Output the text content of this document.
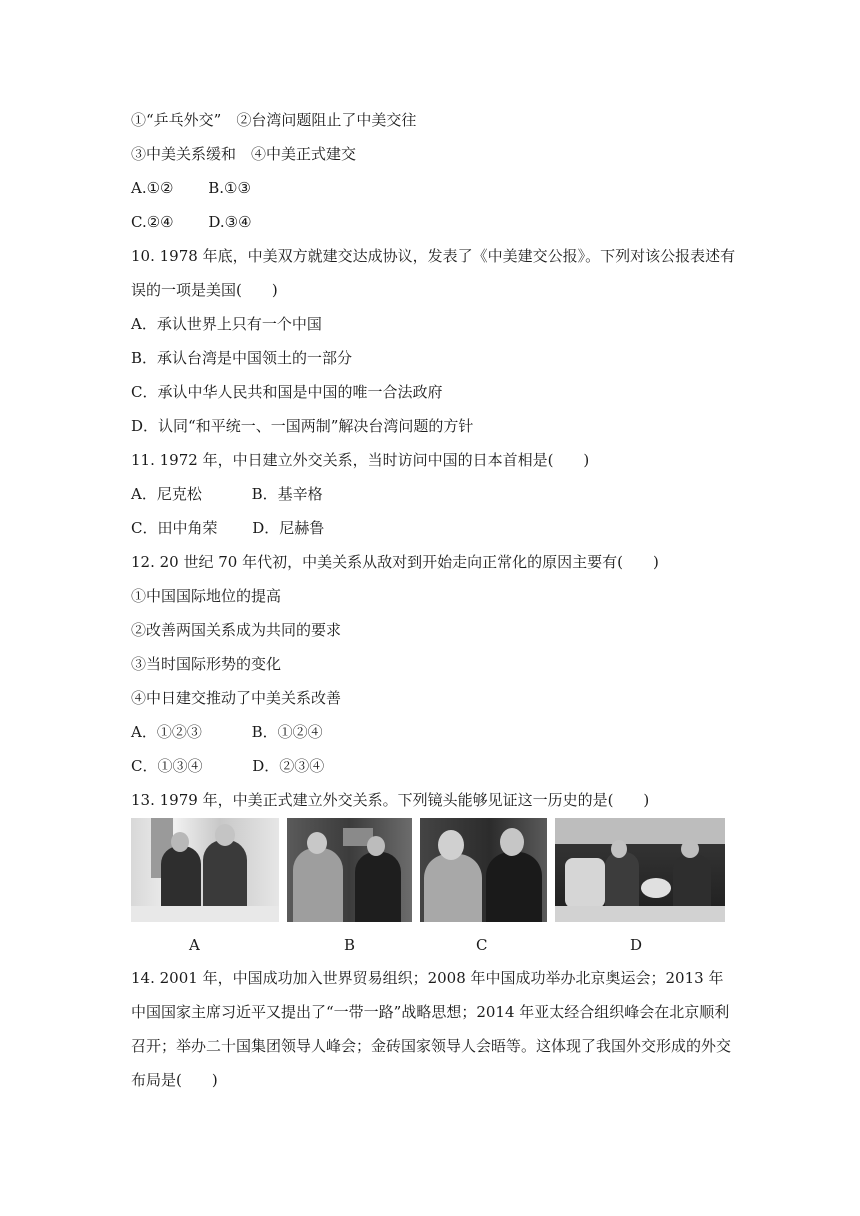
①“乒乓外交”　②台湾问题阻止了中美交往
③中美关系缓和　④中美正式建交
A.①②　　 B.①③
C.②④　　 D.③④
10. 1978 年底，中美双方就建交达成协议，发表了《中美建交公报》。下列对该公报表述有
误的一项是美国(　　)
A．承认世界上只有一个中国
B．承认台湾是中国领土的一部分
C．承认中华人民共和国是中国的唯一合法政府
D．认同“和平统一、一国两制”解决台湾问题的方针
11. 1972 年，中日建立外交关系，当时访问中国的日本首相是(　　)
A．尼克松　　　 B．基辛格
C．田中角荣　　 D．尼赫鲁
12. 20 世纪 70 年代初，中美关系从敌对到开始走向正常化的原因主要有(　　)
①中国国际地位的提高
②改善两国关系成为共同的要求
③当时国际形势的变化
④中日建交推动了中美关系改善
A．①②③　　　 B．①②④
C．①③④　　　 D．②③④
13. 1979 年，中美正式建立外交关系。下列镜头能够见证这一历史的是(　　)
A	B	C	D
14. 2001 年，中国成功加入世界贸易组织；2008 年中国成功举办北京奥运会；2013 年中国国家主席习近平又提出了“一带一路”战略思想；2014 年亚太经合组织峰会在北京顺利召开；举办二十国集团领导人峰会；金砖国家领导人会晤等。这体现了我国外交形成的外交布局是(　　)
